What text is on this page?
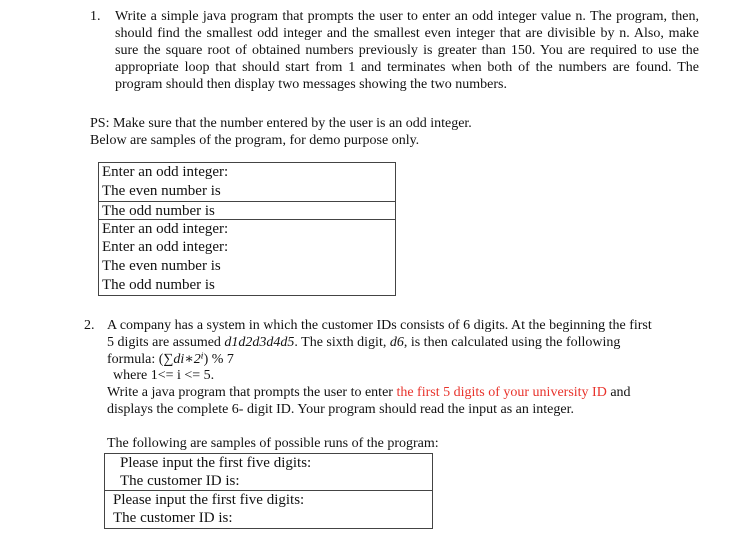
1. Write a simple java program that prompts the user to enter an odd integer value n. The program, then, should find the smallest odd integer and the smallest even integer that are divisible by n. Also, make sure the square root of obtained numbers previously is greater than 150. You are required to use the appropriate loop that should start from 1 and terminates when both of the numbers are found. The program should then display two messages showing the two numbers.
PS: Make sure that the number entered by the user is an odd integer.
Below are samples of the program, for demo purpose only.
Enter an odd integer:
The even number is
The odd number is
Enter an odd integer:
Enter an odd integer:
The even number is
The odd number is
2. A company has a system in which the customer IDs consists of 6 digits. At the beginning the first
5 digits are assumed d1d2d3d4d5. The sixth digit, d6, is then calculated using the following
formula: (∑di∗2ⁱ) % 7
where 1<= i <= 5.
Write a java program that prompts the user to enter the first 5 digits of your university ID and
displays the complete 6- digit ID. Your program should read the input as an integer.
The following are samples of possible runs of the program:
Please input the first five digits:
The customer ID is:
Please input the first five digits:
The customer ID is:
